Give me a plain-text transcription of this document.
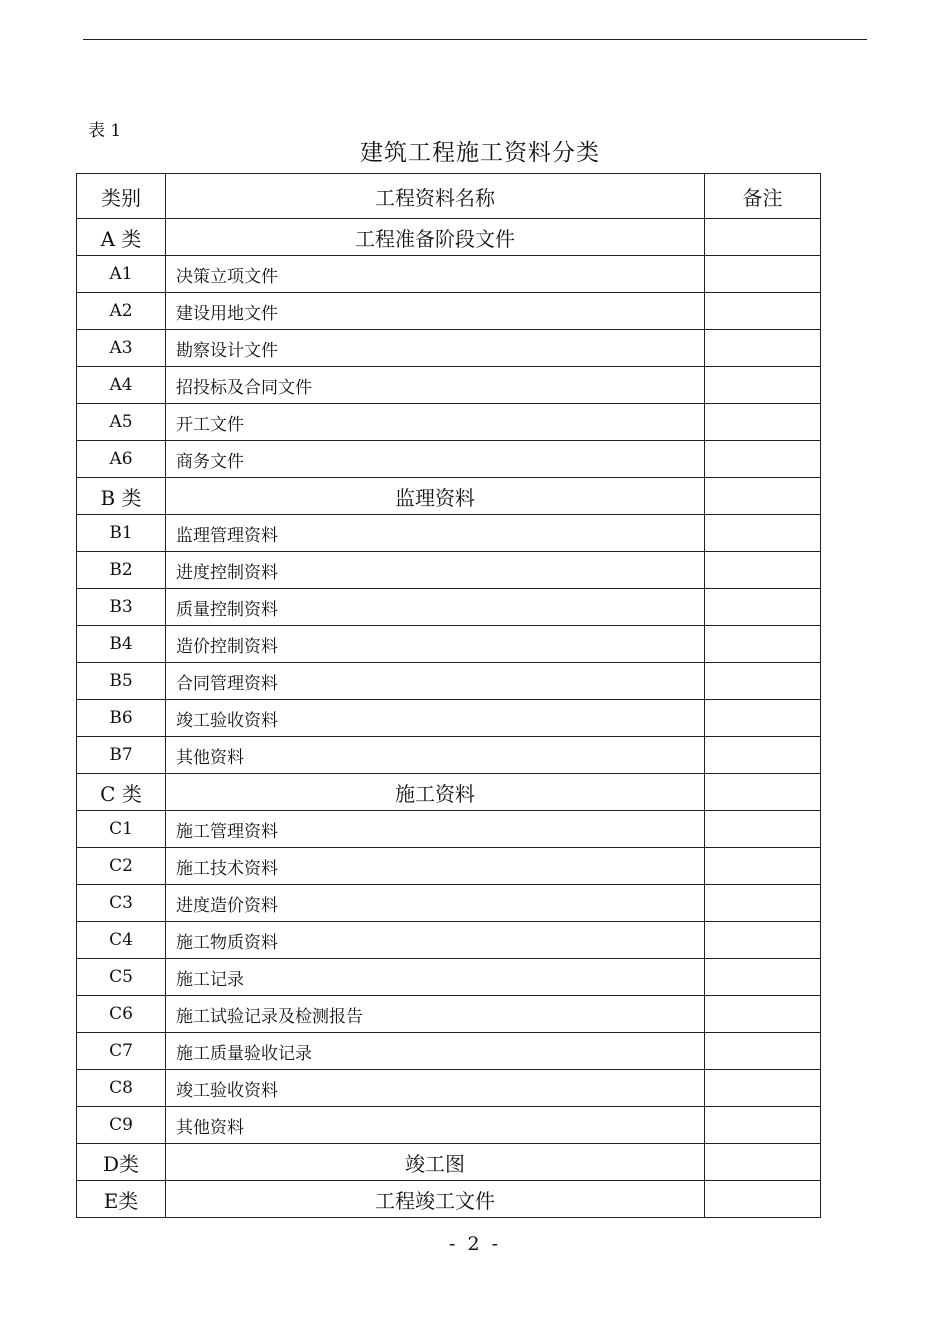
表 1
建筑工程施工资料分类
类别	工程资料名称	备注
A 类	工程准备阶段文件	
A1	决策立项文件	
A2	建设用地文件	
A3	勘察设计文件	
A4	招投标及合同文件	
A5	开工文件	
A6	商务文件	
B 类	监理资料	
B1	监理管理资料	
B2	进度控制资料	
B3	质量控制资料	
B4	造价控制资料	
B5	合同管理资料	
B6	竣工验收资料	
B7	其他资料	
C 类	施工资料	
C1	施工管理资料	
C2	施工技术资料	
C3	进度造价资料	
C4	施工物质资料	
C5	施工记录	
C6	施工试验记录及检测报告	
C7	施工质量验收记录	
C8	竣工验收资料	
C9	其他资料	
D类	竣工图	
E类	工程竣工文件	
- 2 -
